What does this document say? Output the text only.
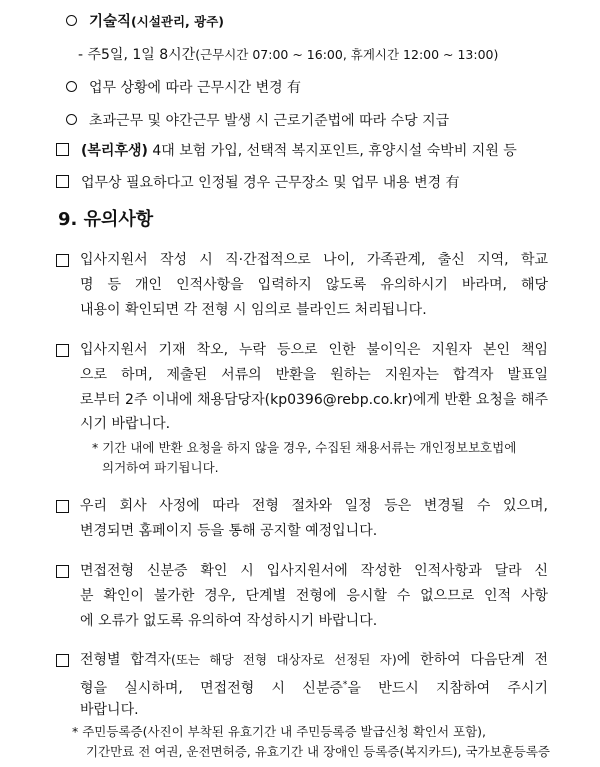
기술직(시설관리, 광주)
- 주5일, 1일 8시간(근무시간 07:00 ~ 16:00, 휴게시간 12:00 ~ 13:00)
업무 상황에 따라 근무시간 변경 有
초과근무 및 야간근무 발생 시 근로기준법에 따라 수당 지급
(복리후생) 4대 보험 가입, 선택적 복지포인트, 휴양시설 숙박비 지원 등
업무상 필요하다고 인정될 경우 근무장소 및 업무 내용 변경 有
9. 유의사항
입사지원서 작성 시 직·간접적으로 나이, 가족관계, 출신 지역, 학교
명 등 개인 인적사항을 입력하지 않도록 유의하시기 바라며, 해당
내용이 확인되면 각 전형 시 임의로 블라인드 처리됩니다.
입사지원서 기재 착오, 누락 등으로 인한 불이익은 지원자 본인 책임
으로 하며, 제출된 서류의 반환을 원하는 지원자는 합격자 발표일
로부터 2주 이내에 채용담당자(kp0396@rebp.co.kr)에게 반환 요청을 해주
시기 바랍니다.
* 기간 내에 반환 요청을 하지 않을 경우, 수집된 채용서류는 개인정보보호법에
의거하여 파기됩니다.
우리 회사 사정에 따라 전형 절차와 일정 등은 변경될 수 있으며,
변경되면 홈페이지 등을 통해 공지할 예정입니다.
면접전형 신분증 확인 시 입사지원서에 작성한 인적사항과 달라 신
분 확인이 불가한 경우, 단계별 전형에 응시할 수 없으므로 인적 사항
에 오류가 없도록 유의하여 작성하시기 바랍니다.
전형별 합격자(또는 해당 전형 대상자로 선정된 자)에 한하여 다음단계 전
형을 실시하며, 면접전형 시 신분증*을 반드시 지참하여 주시기
바랍니다.
* 주민등록증(사진이 부착된 유효기간 내 주민등록증 발급신청 확인서 포함),
기간만료 전 여권, 운전면허증, 유효기간 내 장애인 등록증(복지카드), 국가보훈등록증
